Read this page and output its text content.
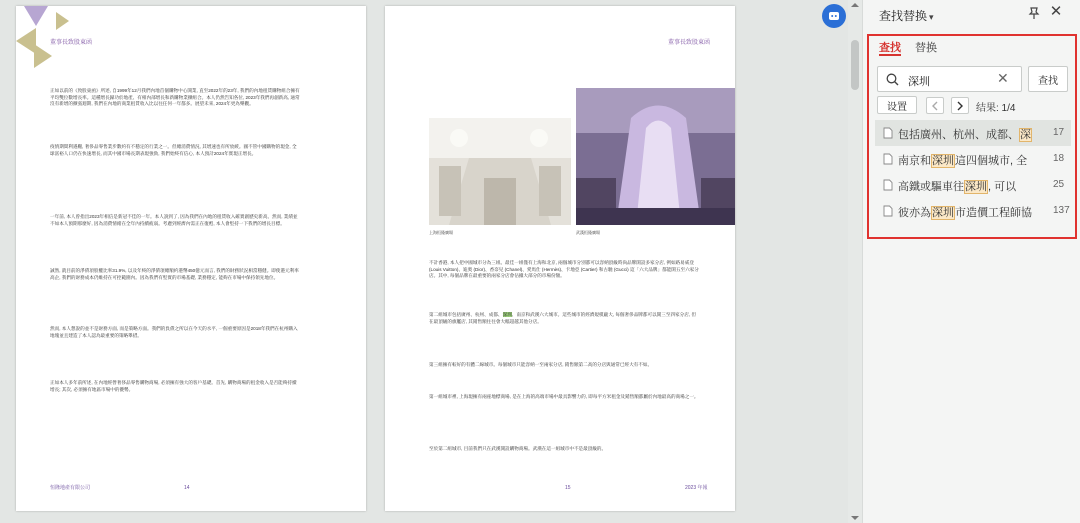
董事長致股東函
正如以前的《致股東函》所述, 自1999年12月我們內地首個購物中心開業, 直至2022年的23年, 我們的內地租賃購物組合擁有平均雙位數增長率。這種增長歸功於地產、有相內部增長和新購物業擴組合。本人仍然告知各位, 2023年我們再創新高, 通常沒有新增的擴張週期, 我們在內地的商業租賃收入比以往任何一年都多。展望未來, 2024年更為樂觀。
疫情期間利遇艱, 奢侈品零售業步數約有不穩定的行業之一。但總消費情況, 其增速也有所放緩。國不管中國購物的現金, 全球富裕人口仍在快速增長, 而其中國市場長期表現強勁, 我們始終有信心, 本人預計2024年實現正增長。
一年前, 本人曾指出2023年相信是新冠不佳的一年。本人說到了, 因為我們在內地的租賃收入確實創歷史新高。然而, 業績並不如本人預期那麼好, 因為消費情緒在全年內持續疲弱。考慮到經濟內需正在復甦, 本人會堅持一下我們的增長目標。
誠然, 就目前的淨債項股權比率31.9%, 以及年終的淨債項總額約港幣450億元而言, 我們的財務狀況相當穩健。即使港元利率高企, 我們的財務成本仍維持在可控範圍內。因為我們有堅實的市場基礎, 業務穩定, 能夠在市場中保持領先地位。
然而, 本人想說的並不是財務方面, 而是策略方面。我們的負債之所以在今天的水平, 一個重要原因是2018年我們在杭州購入地塊並且建造了本人認為最重要的策略舉措。
正如本人多年前所述, 在內地經營奢侈品零售購物商場, 必須擁有強大的客戶基礎。首先, 購物商場的租金收入是否能夠持續增長; 其次, 必須擁有地區市場中的優勢。
恒隆地產有限公司	14
董事長致股東函
上海恒隆廣場	武漢恒隆廣場
不計香港, 本人把中國城市分為三組。最佳一組僅有上海和北京, 兩個城市分別都可以容納頂級時尚品牌開設多家分店, 例如路易威登 (Louis Vuitton)、迪奧 (Dior)、香奈兒 (Chanel)、愛馬仕 (Hermès)、卡地亞 (Cartier) 和古馳 (Gucci) 這「六大品牌」都能開五至六家分店。其中, 每個品牌在最重要的兩家分店會佔據大部分的市場份額。
第二組城市包括廣州、杭州、成都、深圳、南京和武漢六大城市。這些城市的經濟規模龐大, 每個奢侈品牌都可以開三至四家分店, 但在最頂級的旗艦店, 其銷售額往往會大幅超越其他分店。
第三組擁有較好的有體二線城市。每個城市只能容納一至兩家分店, 銷售額第二高的分店與通常已經大有不如。
第一組城市裡, 上海現擁有兩座地標商場, 是在上海的高端市場中最具影響力的, 即每平方米租金及銷售額都屬於內地最高的商場之一。
至於第二組城市, 目前我們只在武漢開設購物商場。武漢在這一組城市中不是最頂級的。
15	2023 年報
查找替换 ▾	✕
查找 替换
深圳	✕	查找
设置	结果: 1/4
包括廣州、杭州、成都、深	17
南京和深圳這四個城市, 全	18
高鐵或驅車往深圳, 可以	25
彼亦為深圳市造價工程師協	137
